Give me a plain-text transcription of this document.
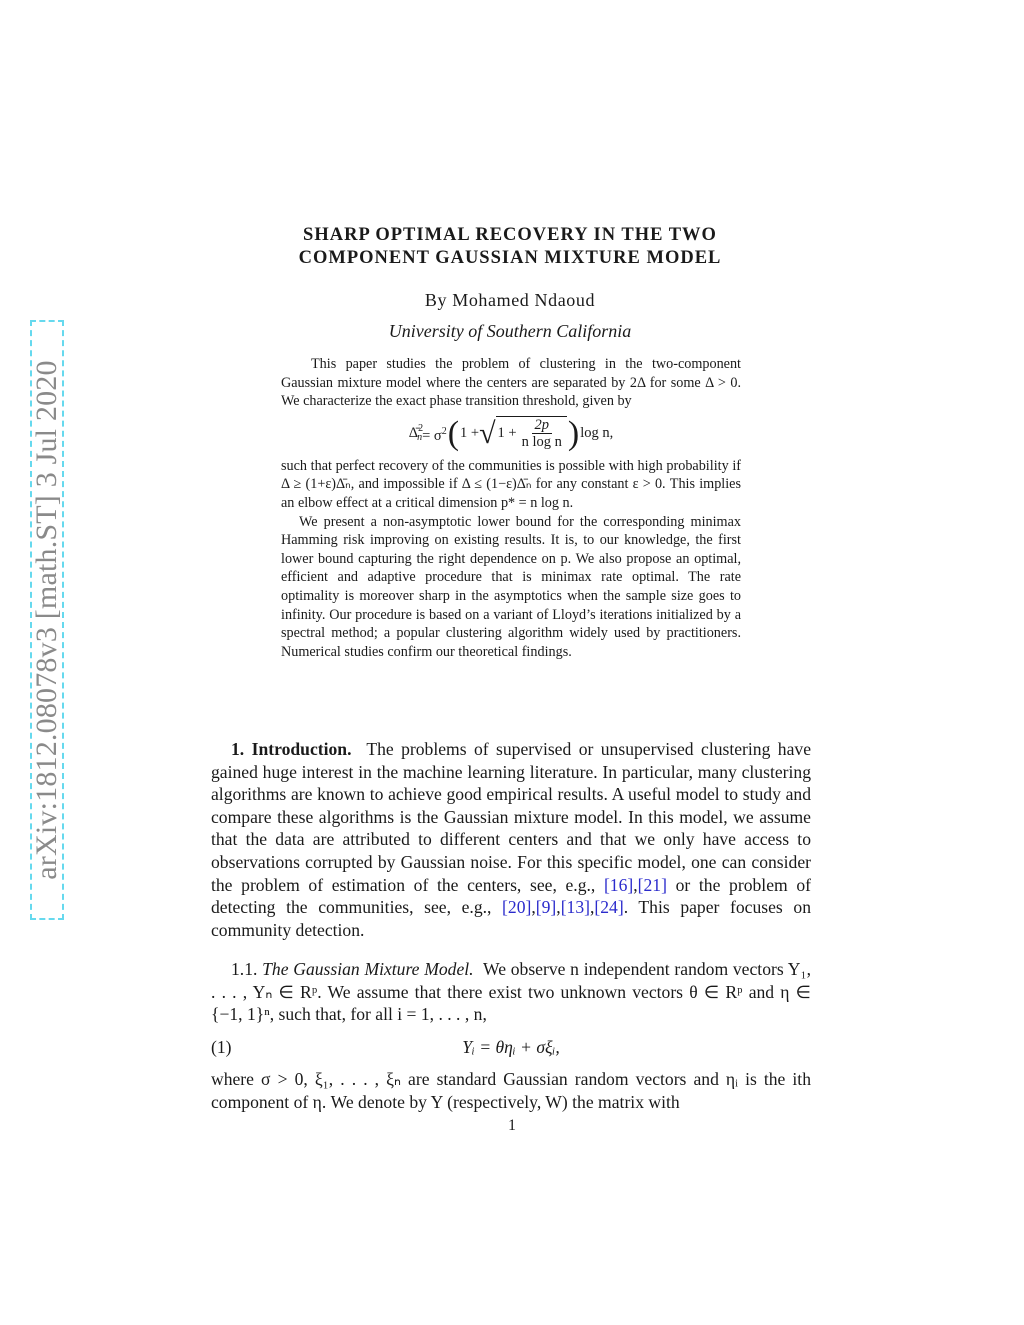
arXiv:1812.08078v3 [math.ST] 3 Jul 2020
SHARP OPTIMAL RECOVERY IN THE TWO
COMPONENT GAUSSIAN MIXTURE MODEL
By Mohamed Ndaoud
University of Southern California

This paper studies the problem of clustering in the two-component Gaussian mixture model where the centers are separated by 2Δ for some Δ > 0. We characterize the exact phase transition threshold, given by

Δ̄$^2_n$ = $\sigma^2$ ( 1 + √ $1 + \frac{2p}{\text{n log n}}$ ) log n,

such that perfect recovery of the communities is possible with high probability if Δ ≥ (1+ε)Δ̄ₙ, and impossible if Δ ≤ (1−ε)Δ̄ₙ for any constant ε > 0. This implies an elbow effect at a critical dimension p* = n log n.

We present a non-asymptotic lower bound for the corresponding minimax Hamming risk improving on existing results. It is, to our knowledge, the first lower bound capturing the right dependence on p. We also propose an optimal, efficient and adaptive procedure that is minimax rate optimal. The rate optimality is moreover sharp in the asymptotics when the sample size goes to infinity. Our procedure is based on a variant of Lloyd’s iterations initialized by a spectral method; a popular clustering algorithm widely used by practitioners. Numerical studies confirm our theoretical findings.

1. Introduction. The problems of supervised or unsupervised clustering have gained huge interest in the machine learning literature. In particular, many clustering algorithms are known to achieve good empirical results. A useful model to study and compare these algorithms is the Gaussian mixture model. In this model, we assume that the data are attributed to different centers and that we only have access to observations corrupted by Gaussian noise. For this specific model, one can consider the problem of estimation of the centers, see, e.g., [16],[21] or the problem of detecting the communities, see, e.g., [20],[9],[13],[24]. This paper focuses on community detection.

1.1. The Gaussian Mixture Model. We observe n independent random vectors Y₁, . . . , Yₙ ∈ Rᵖ. We assume that there exist two unknown vectors θ ∈ Rᵖ and η ∈ {−1, 1}ⁿ, such that, for all i = 1, . . . , n,

(1)	Yᵢ = θηᵢ + σξᵢ,

where σ > 0, ξ₁, . . . , ξₙ are standard Gaussian random vectors and ηᵢ is the ith component of η. We denote by Y (respectively, W) the matrix with

1
